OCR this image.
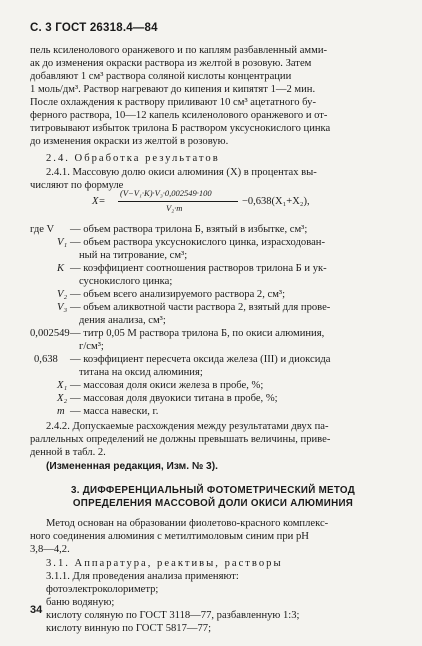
С. 3 ГОСТ 26318.4—84
пель ксиленолового оранжевого и по каплям разбавленный амми-
ак до изменения окраски раствора из желтой в розовую. Затем
добавляют 1 см³ раствора соляной кислоты концентрации
1 моль/дм³. Раствор нагревают до кипения и кипятят 1—2 мин.
После охлаждения к раствору приливают 10 см³ ацетатного бу-
ферного раствора, 10—12 капель ксиленолового оранжевого и от-
титровывают избыток трилона Б раствором уксуснокислого цинка
до изменения окраски из желтой в розовую.
2.4. Обработка результатов
2.4.1. Массовую долю окиси алюминия (X) в процентах вы-
числяют по формуле
X=
(V−V₁·K)·V₃·0,002549·100
V₂·m
−0,638(X₁+X₂),
где V — объем раствора трилона Б, взятый в избытке, см³;
V₁ — объем раствора уксуснокислого цинка, израсходован-
ный на титрование, см³;
K — коэффициент соотношения растворов трилона Б и ук-
суснокислого цинка;
V₂ — объем всего анализируемого раствора 2, см³;
V₃ — объем аликвотной части раствора 2, взятый для прове-
дения анализа, см³;
0,002549 — титр 0,05 М раствора трилона Б, по окиси алюминия,
г/см³;
0,638 — коэффициент пересчета оксида железа (III) и диоксида
титана на оксид алюминия;
X₁ — массовая доля окиси железа в пробе, %;
X₂ — массовая доля двуокиси титана в пробе, %;
m — масса навески, г.
2.4.2. Допускаемые расхождения между результатами двух па-
раллельных определений не должны превышать величины, приве-
денной в табл. 2.
(Измененная редакция, Изм. № 3).
3. ДИФФЕРЕНЦИАЛЬНЫЙ ФОТОМЕТРИЧЕСКИЙ МЕТОД
ОПРЕДЕЛЕНИЯ МАССОВОЙ ДОЛИ ОКИСИ АЛЮМИНИЯ
Метод основан на образовании фиолетово-красного комплекс-
ного соединения алюминия с метилтимоловым синим при pH
3,8—4,2.
3.1. Аппаратура, реактивы, растворы
3.1.1. Для проведения анализа применяют:
фотоэлектроколориметр;
баню водяную;
кислоту соляную по ГОСТ 3118—77, разбавленную 1:3;
кислоту винную по ГОСТ 5817—77;
34
